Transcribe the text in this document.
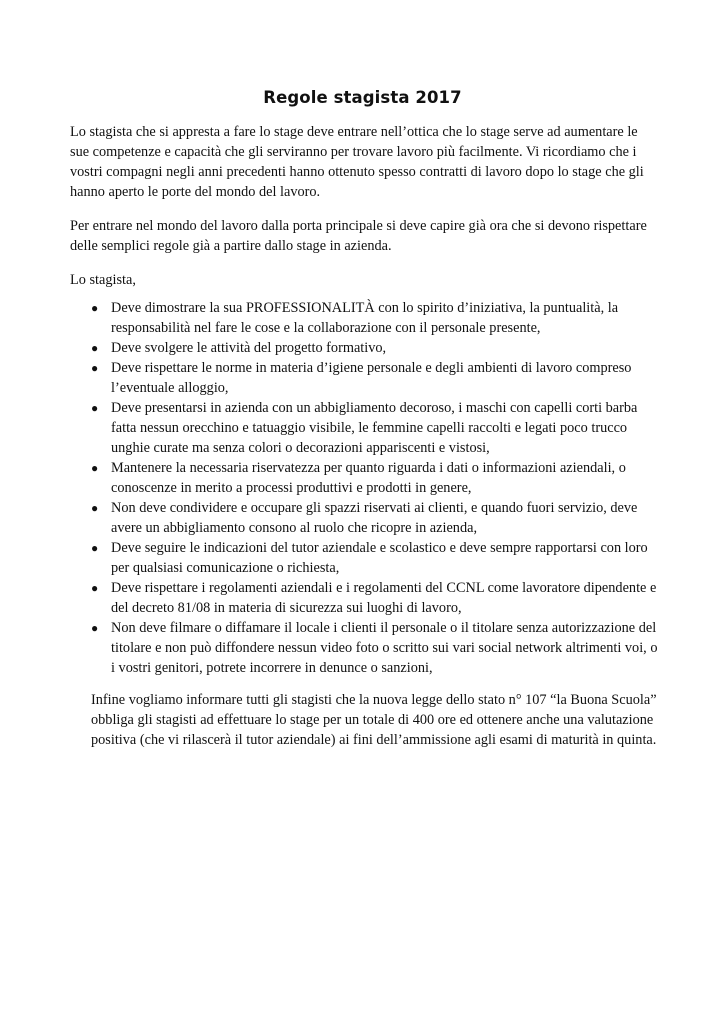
Regole stagista 2017

Lo stagista che si appresta a fare lo stage deve entrare nell’ottica che lo stage serve ad aumentare le sue competenze e capacità che gli serviranno per trovare lavoro più facilmente. Vi ricordiamo che i vostri compagni negli anni precedenti hanno ottenuto spesso contratti di lavoro dopo lo stage che gli hanno aperto le porte del mondo del lavoro.

Per entrare nel mondo del lavoro dalla porta principale si deve capire già ora che si devono rispettare delle semplici regole già a partire dallo stage in azienda.

Lo stagista,

● Deve dimostrare la sua PROFESSIONALITÀ con lo spirito d’iniziativa, la puntualità, la responsabilità nel fare le cose e la collaborazione con il personale presente,
● Deve svolgere le attività del progetto formativo,
● Deve rispettare le norme in materia d’igiene personale e degli ambienti di lavoro compreso l’eventuale alloggio,
● Deve presentarsi in azienda con un abbigliamento decoroso, i maschi con capelli corti barba fatta nessun orecchino e tatuaggio visibile, le femmine capelli raccolti e legati poco trucco unghie curate ma senza colori o decorazioni appariscenti e vistosi,
● Mantenere la necessaria riservatezza per quanto riguarda i dati o informazioni aziendali, o conoscenze in merito a processi produttivi e prodotti in genere,
● Non deve condividere e occupare gli spazzi riservati ai clienti, e quando fuori servizio, deve avere un abbigliamento consono al ruolo che ricopre in azienda,
● Deve seguire le indicazioni del tutor aziendale e scolastico e deve sempre rapportarsi con loro per qualsiasi comunicazione o richiesta,
● Deve rispettare i regolamenti aziendali e i regolamenti del CCNL come lavoratore dipendente e del decreto 81/08 in materia di sicurezza sui luoghi di lavoro,
● Non deve filmare o diffamare il locale i clienti il personale o il titolare senza autorizzazione del titolare e non può diffondere nessun video foto o scritto sui vari social network altrimenti voi, o i vostri genitori, potrete incorrere in denunce o sanzioni,

Infine vogliamo informare tutti gli stagisti che la nuova legge dello stato n° 107 “la Buona Scuola” obbliga gli stagisti ad effettuare lo stage per un totale di 400 ore ed ottenere anche una valutazione positiva (che vi rilascerà il tutor aziendale) ai fini dell’ammissione agli esami di maturità in quinta.
